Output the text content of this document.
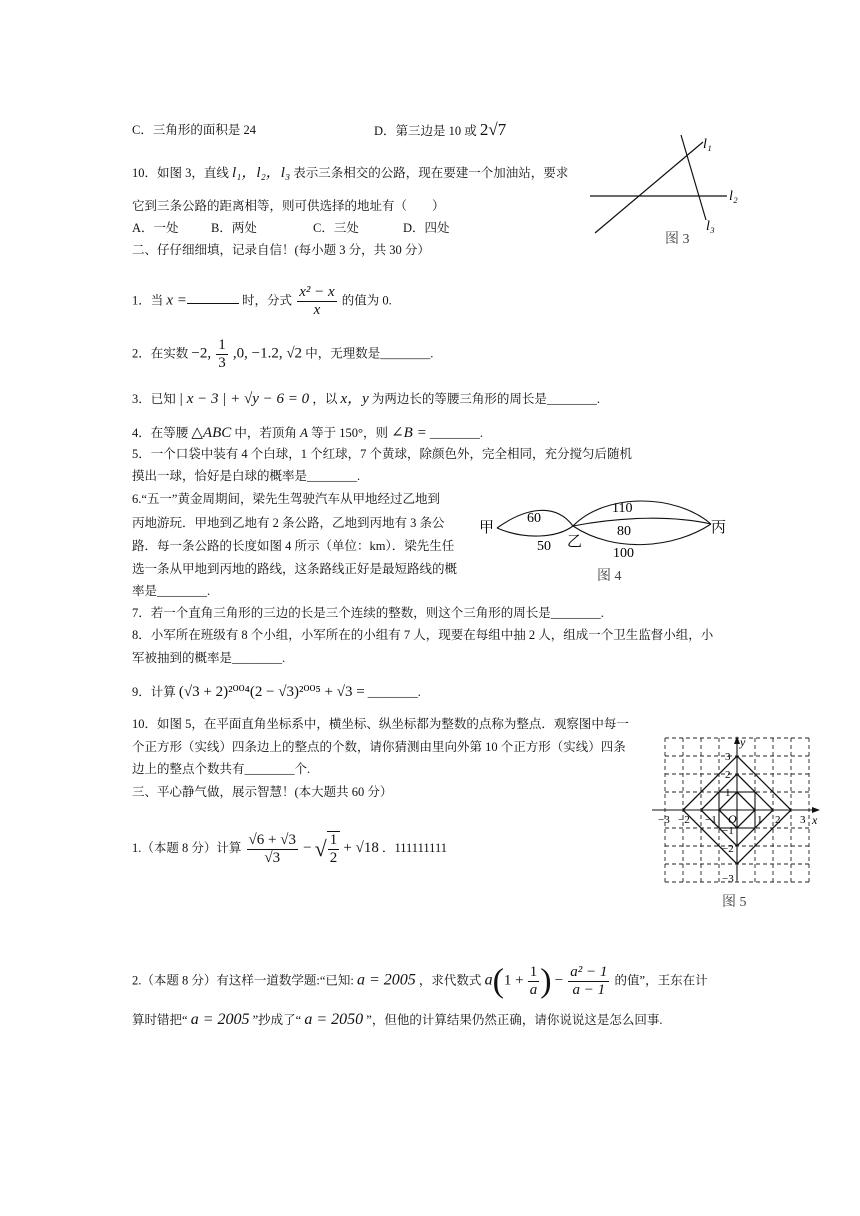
C．三角形的面积是 24	D．第三边是 10 或 2√7
10．如图 3，直线 l₁，l₂，l₃ 表示三条相交的公路，现在要建一个加油站，要求
它到三条公路的距离相等，则可供选择的地址有（　　）
A．一处	B．两处	C．三处	D．四处
l₁
l₂
l₃
图 3
二、仔仔细细填，记录自信！(每小题 3 分，共 30 分）
1．当 x =	时，分式 $\frac{\text{x² − x}}{x}$ 的值为 0.
2．在实数 −2, $\frac{1}{3} ,0$, −1.2, √2 中，无理数是________.
3．已知 | x − 3 | + √y − 6 = 0 ，以 x，y 为两边长的等腰三角形的周长是________.
4．在等腰 △ABC 中，若顶角 A 等于 150°，则 ∠B = ________.
5．一个口袋中装有 4 个白球，1 个红球，7 个黄球，除颜色外，完全相同，充分搅匀后随机
摸出一球，恰好是白球的概率是________.
6.“五一”黄金周期间，梁先生驾驶汽车从甲地经过乙地到
丙地游玩．甲地到乙地有 2 条公路，乙地到丙地有 3 条公
路．每一条公路的长度如图 4 所示（单位：km）．梁先生任
选一条从甲地到丙地的路线，这条路线正好是最短路线的概
率是________.
甲
乙
丙
60
50
110
80
100
图 4
7．若一个直角三角形的三边的长是三个连续的整数，则这个三角形的周长是________.
8．小军所在班级有 8 个小组，小军所在的小组有 7 人，现要在每组中抽 2 人，组成一个卫生监督小组，小
军被抽到的概率是________.
9．计算 (√3 + 2)²⁰⁰⁴(2 − √3)²⁰⁰⁵ + √3 = ________.
10．如图 5，在平面直角坐标系中，横坐标、纵坐标都为整数的点称为整点．观察图中每一
个正方形（实线）四条边上的整点的个数，请你猜测由里向外第 10 个正方形（实线）四条
边上的整点个数共有________个.
三、平心静气做，展示智慧！(本大题共 60 分）
y
x
O
−3 −2 −1	1 2 3
3
2
1
−1
−2
−3
图 5
1.（本题 8 分）计算 $\frac{√6 + √3}{√3}$ − √ $\frac{1}{2} + √18$ ．111111111
2.（本题 8 分）有这样一道数学题:“已知: a = 2005 ，求代数式 $a(1 + \frac{1}{a}$ ) − $\frac{\text{a² − 1}}{a - 1}$ 的值”，王东在计
算时错把“ a = 2005 ”抄成了“ a = 2050 ”，但他的计算结果仍然正确，请你说说这是怎么回事.
